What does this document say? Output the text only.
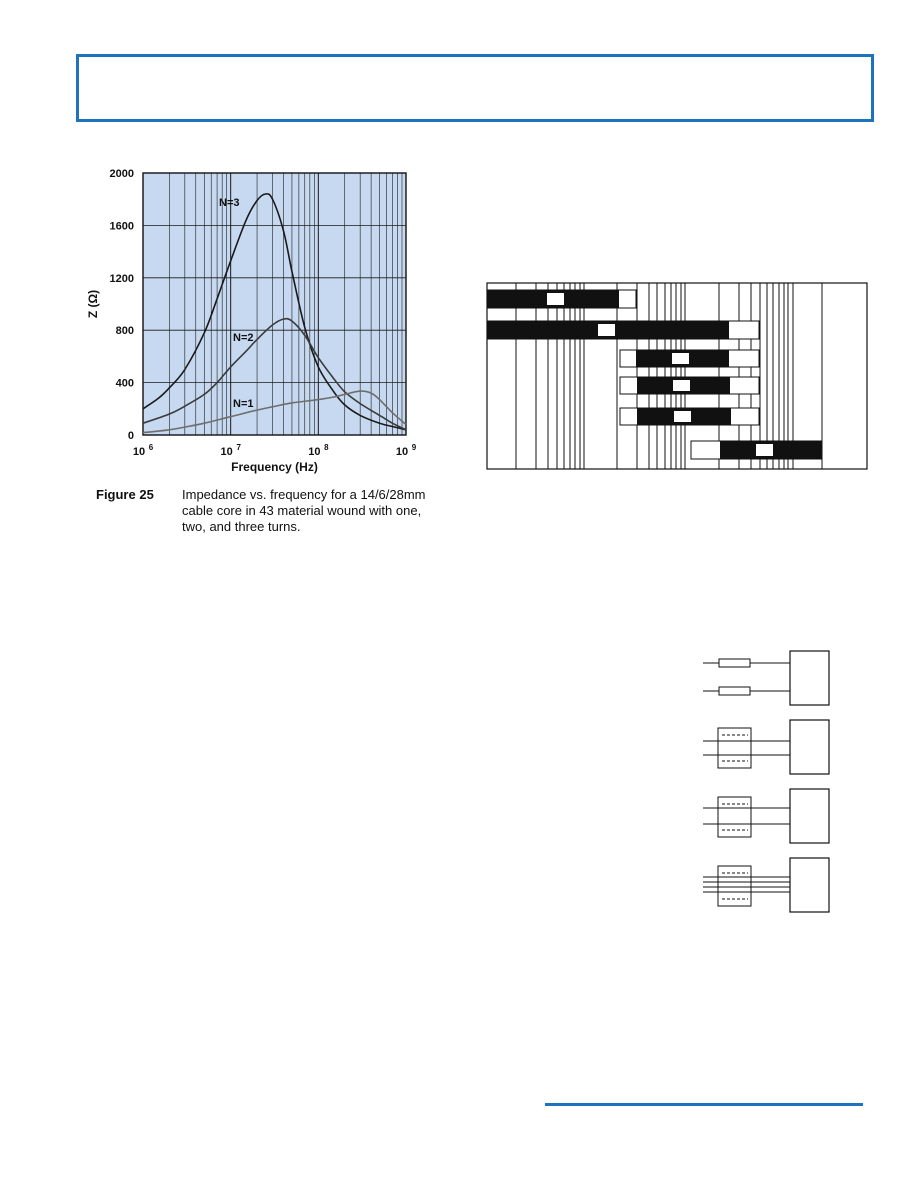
N=3
N=2
N=1
0
400
800
1200
1600
2000
10 6	10 7	10 8	10 9
Frequency (Hz)
Z (Ω)
Figure 25 Impedance vs. frequency for a 14/6/28mm
cable core in 43 material wound with one,
two, and three turns.
